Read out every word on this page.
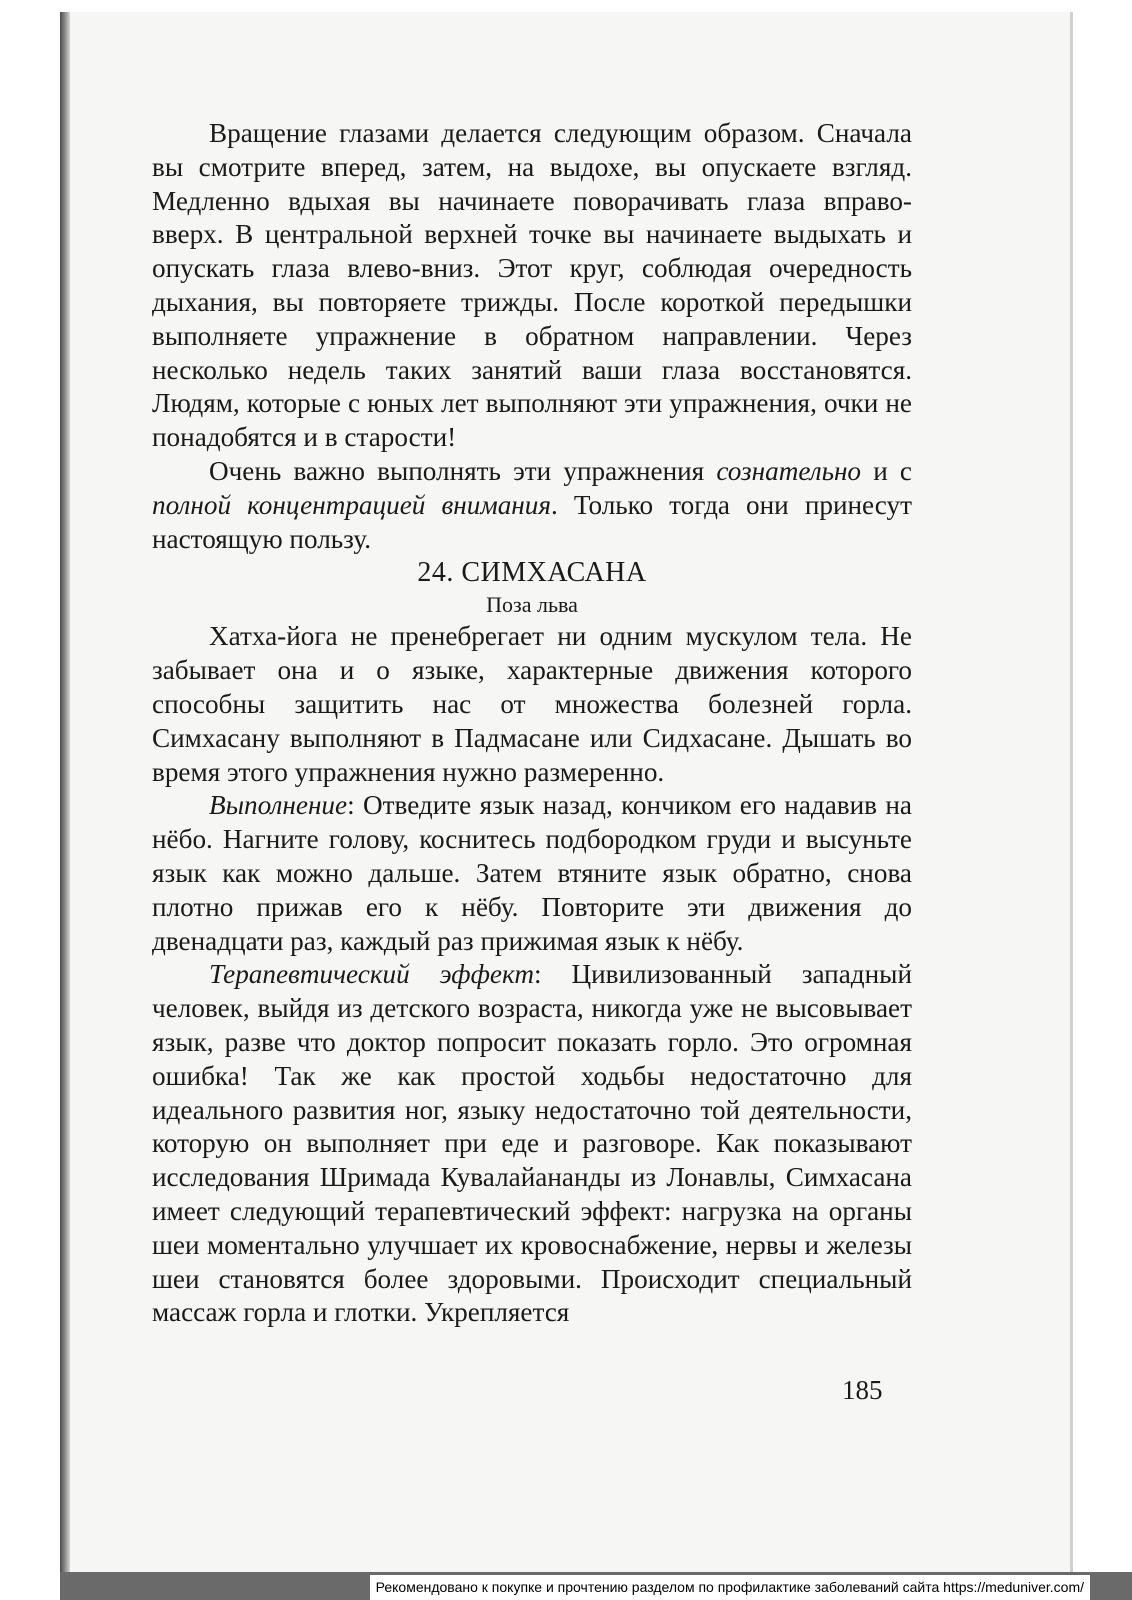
Вращение глазами делается следующим образом. Сначала вы смотрите вперед, затем, на выдохе, вы опускаете взгляд. Медленно вдыхая вы начинаете поворачивать глаза вправо-вверх. В центральной верхней точке вы начинаете выдыхать и опускать глаза влево-вниз. Этот круг, соблюдая очередность дыхания, вы повторяете трижды. После короткой передышки выполняете упражнение в обратном направлении. Через несколько недель таких занятий ваши глаза восстановятся. Людям, которые с юных лет выполняют эти упражнения, очки не понадобятся и в старости!

Очень важно выполнять эти упражнения сознательно и с полной концентрацией внимания. Только тогда они принесут настоящую пользу.

24. СИМХАСАНА
Поза льва

Хатха-йога не пренебрегает ни одним мускулом тела. Не забывает она и о языке, характерные движения которого способны защитить нас от множества болезней горла. Симхасану выполняют в Падмасане или Сидхасане. Дышать во время этого упражнения нужно размеренно.

Выполнение: Отведите язык назад, кончиком его надавив на нёбо. Нагните голову, коснитесь подбородком груди и высуньте язык как можно дальше. Затем втяните язык обратно, снова плотно прижав его к нёбу. Повторите эти движения до двенадцати раз, каждый раз прижимая язык к нёбу.

Терапевтический эффект: Цивилизованный западный человек, выйдя из детского возраста, никогда уже не высовывает язык, разве что доктор попросит показать горло. Это огромная ошибка! Так же как простой ходьбы недостаточно для идеального развития ног, языку недостаточно той деятельности, которую он выполняет при еде и разговоре. Как показывают исследования Шримада Кувалайананды из Лонавлы, Симхасана имеет следующий терапевтический эффект: нагрузка на органы шеи моментально улучшает их кровоснабжение, нервы и железы шеи становятся более здоровыми. Происходит специальный массаж горла и глотки. Укрепляется

185
Рекомендовано к покупке и прочтению разделом по профилактике заболеваний сайта https://meduniver.com/
